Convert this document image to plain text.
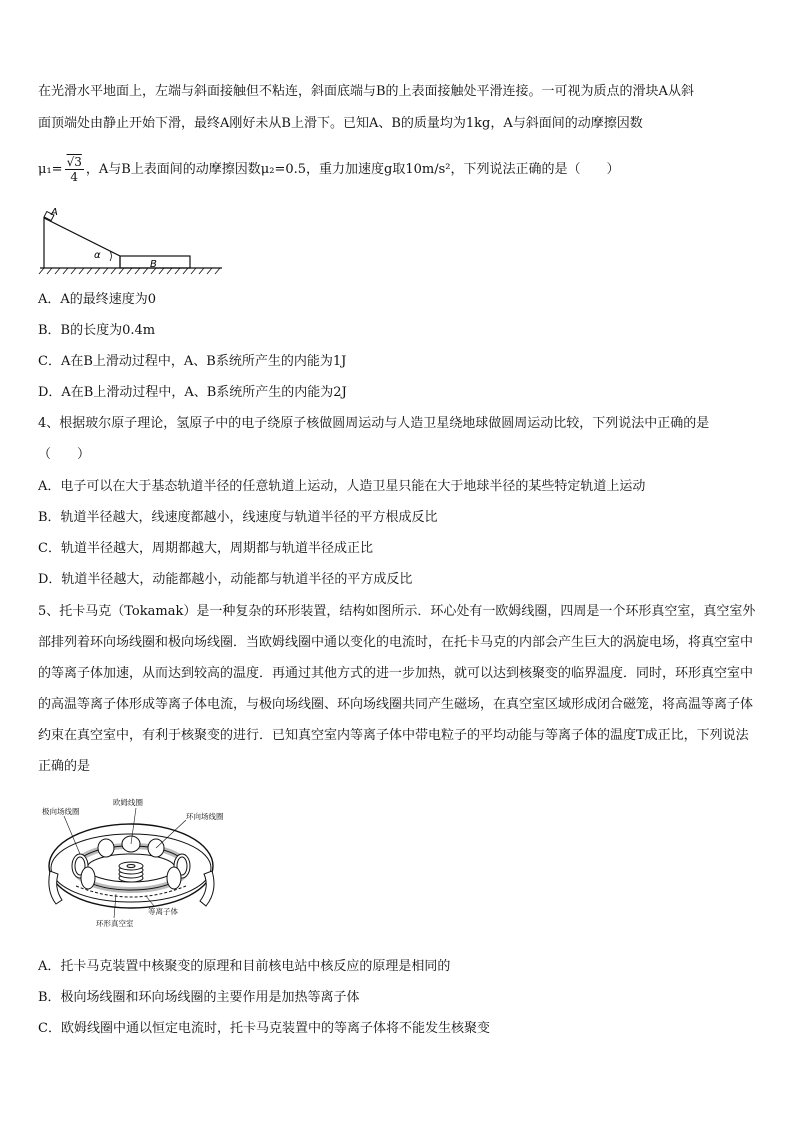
在光滑水平地面上，左端与斜面接触但不粘连，斜面底端与B的上表面接触处平滑连接。一可视为质点的滑块A从斜
面顶端处由静止开始下滑，最终A刚好未从B上滑下。已知A、B的质量均为1kg，A与斜面间的动摩擦因数
$\mu_1= \frac{√3}{4}$ ，A与B上表面间的动摩擦因数μ₂=0.5，重力加速度g取10m/s²，下列说法正确的是（　　）
A
α
B
A．A的最终速度为0
B．B的长度为0.4m
C．A在B上滑动过程中，A、B系统所产生的内能为1J
D．A在B上滑动过程中，A、B系统所产生的内能为2J
4、根据玻尔原子理论，氢原子中的电子绕原子核做圆周运动与人造卫星绕地球做圆周运动比较，下列说法中正确的是
（　　）
A．电子可以在大于基态轨道半径的任意轨道上运动，人造卫星只能在大于地球半径的某些特定轨道上运动
B．轨道半径越大，线速度都越小，线速度与轨道半径的平方根成反比
C．轨道半径越大，周期都越大，周期都与轨道半径成正比
D．轨道半径越大，动能都越小，动能都与轨道半径的平方成反比
5、托卡马克（Tokamak）是一种复杂的环形装置，结构如图所示．环心处有一欧姆线圈，四周是一个环形真空室，真空室外部排列着环向场线圈和极向场线圈．当欧姆线圈中通以变化的电流时，在托卡马克的内部会产生巨大的涡旋电场，将真空室中的等离子体加速，从而达到较高的温度．再通过其他方式的进一步加热，就可以达到核聚变的临界温度．同时，环形真空室中的高温等离子体形成等离子体电流，与极向场线圈、环向场线圈共同产生磁场，在真空室区域形成闭合磁笼，将高温等离子体约束在真空室中，有利于核聚变的进行．已知真空室内等离子体中带电粒子的平均动能与等离子体的温度T成正比，下列说法正确的是
极向场线圈
欧姆线圈
环向场线圈
等离子体
环形真空室
A．托卡马克装置中核聚变的原理和目前核电站中核反应的原理是相同的
B．极向场线圈和环向场线圈的主要作用是加热等离子体
C．欧姆线圈中通以恒定电流时，托卡马克装置中的等离子体将不能发生核聚变
